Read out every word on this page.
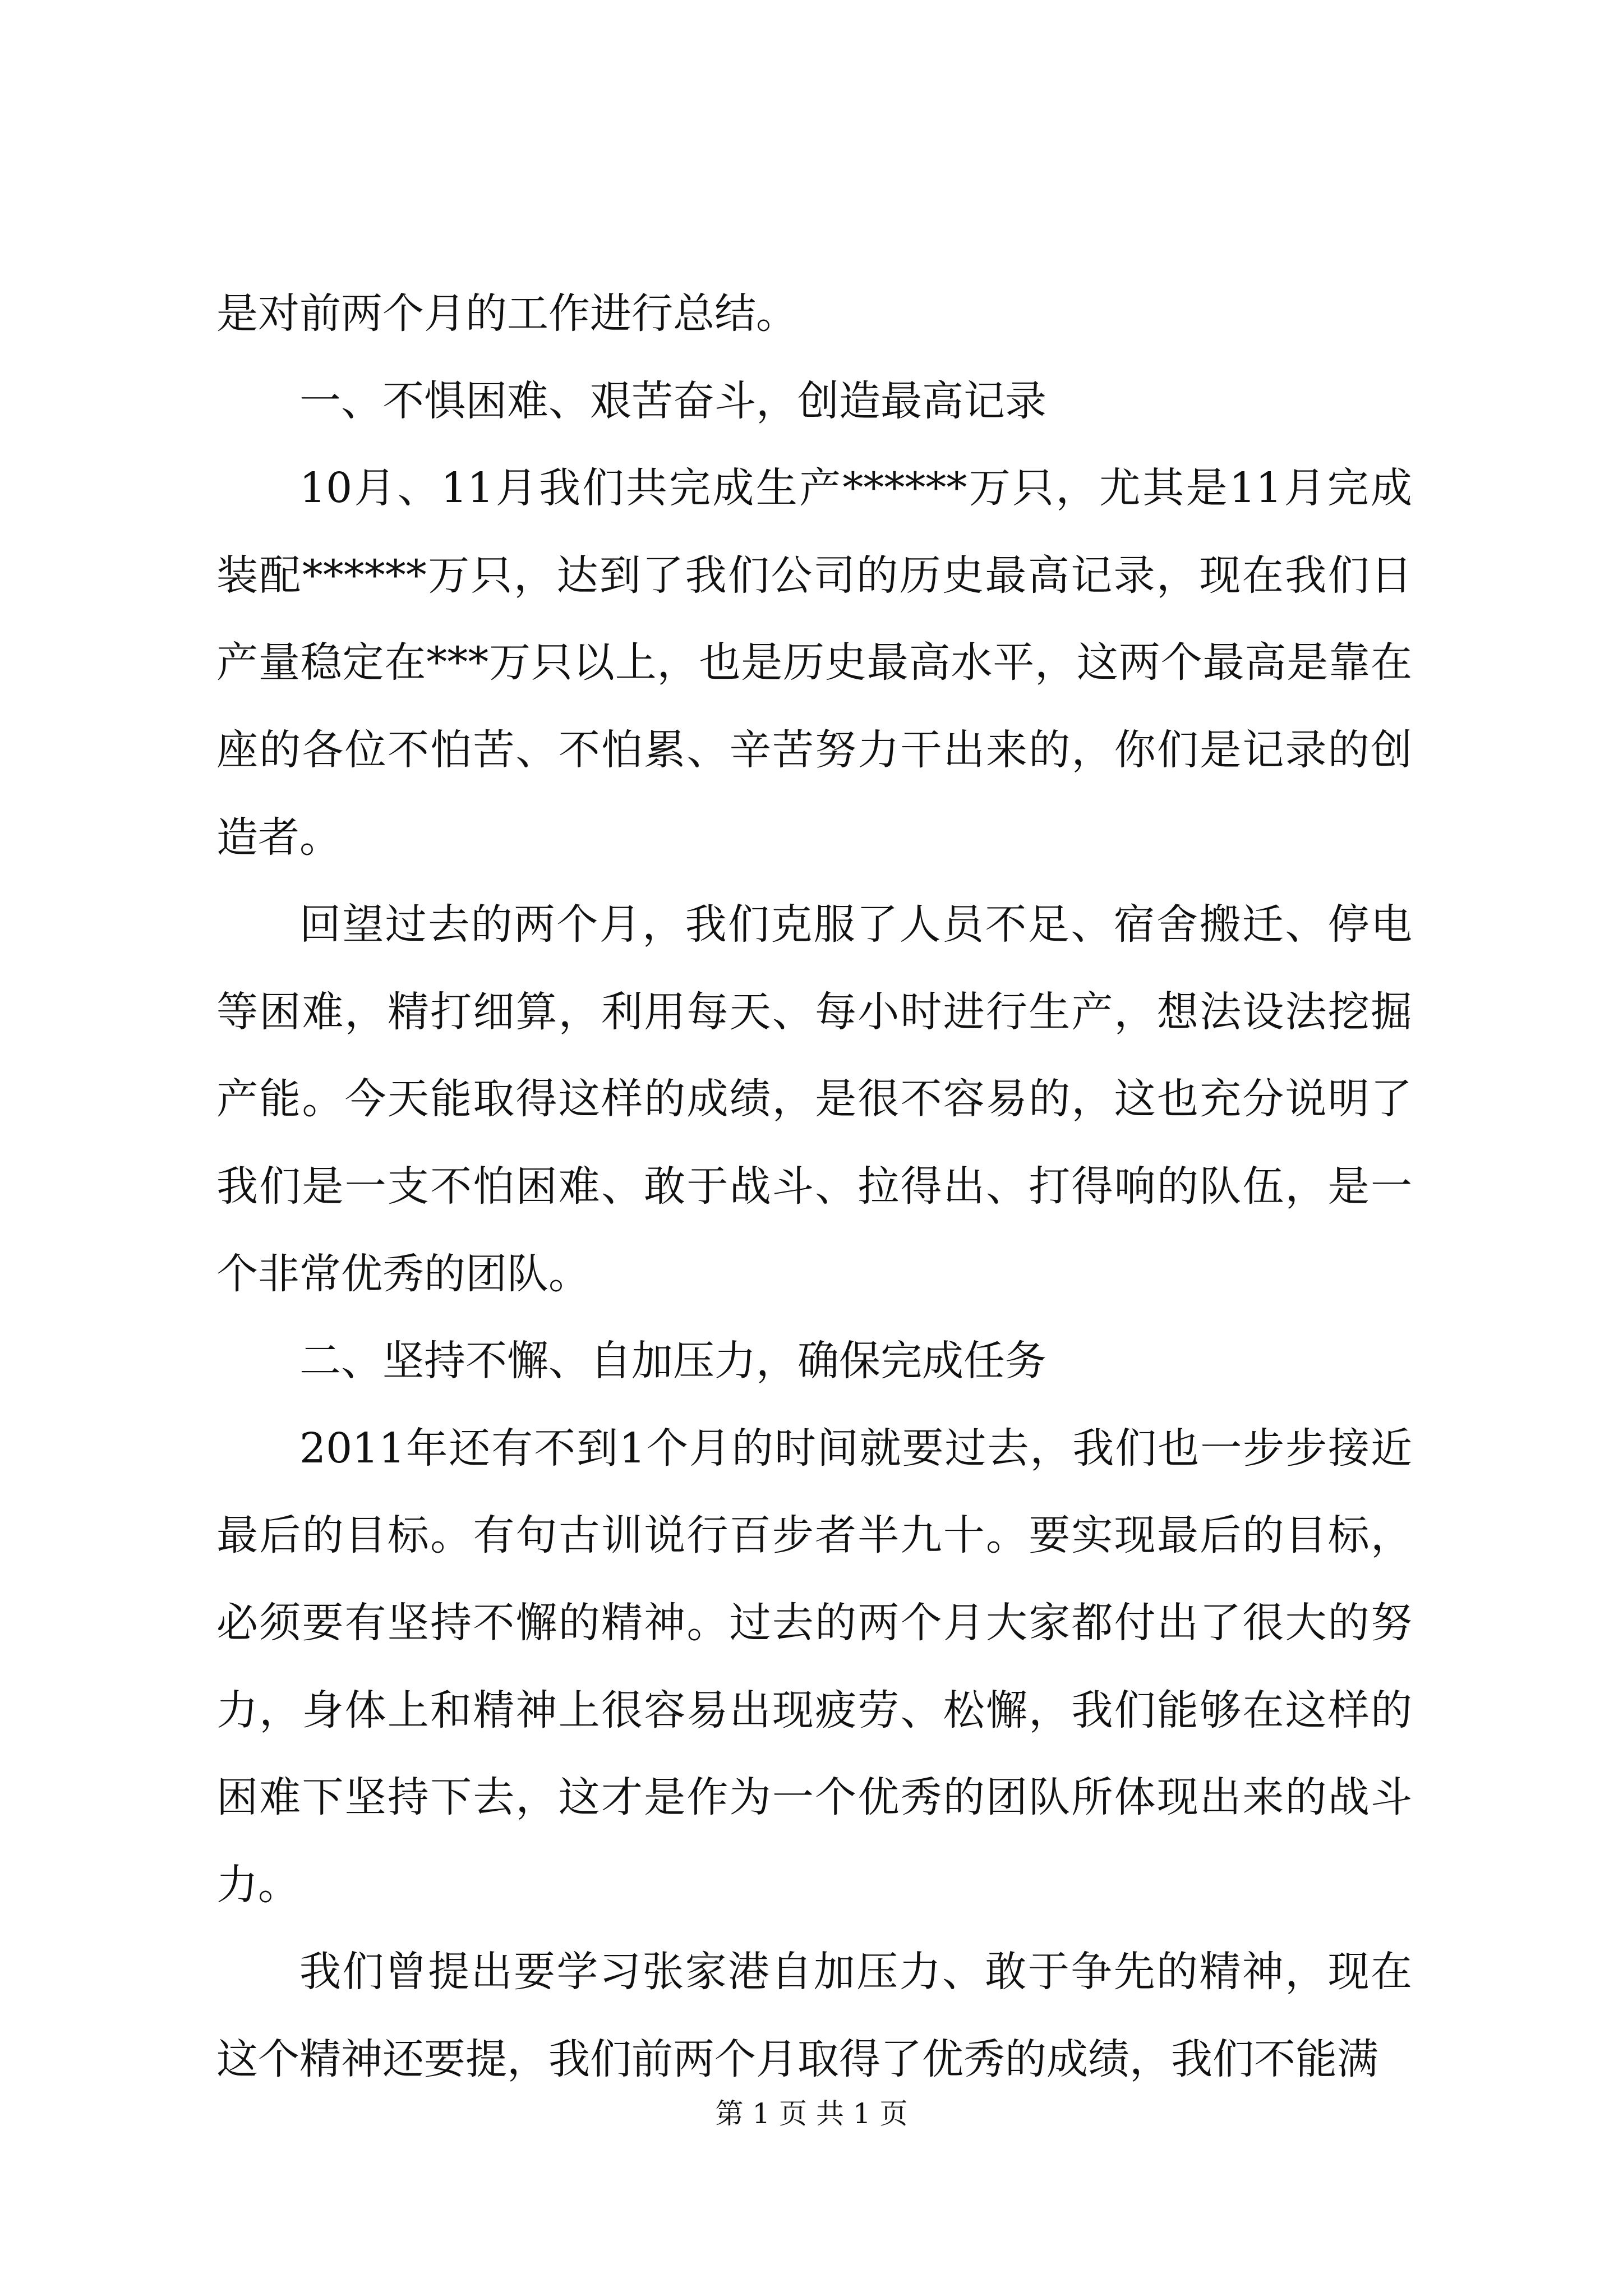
是对前两个月的工作进行总结。

一、不惧困难、艰苦奋斗，创造最高记录

10月、11月我们共完成生产******万只，尤其是11月完成装配******万只，达到了我们公司的历史最高记录，现在我们日产量稳定在***万只以上，也是历史最高水平，这两个最高是靠在座的各位不怕苦、不怕累、辛苦努力干出来的，你们是记录的创造者。

回望过去的两个月，我们克服了人员不足、宿舍搬迁、停电等困难，精打细算，利用每天、每小时进行生产，想法设法挖掘产能。今天能取得这样的成绩，是很不容易的，这也充分说明了我们是一支不怕困难、敢于战斗、拉得出、打得响的队伍，是一个非常优秀的团队。

二、坚持不懈、自加压力，确保完成任务

2011年还有不到1个月的时间就要过去，我们也一步步接近最后的目标。有句古训说行百步者半九十。要实现最后的目标，必须要有坚持不懈的精神。过去的两个月大家都付出了很大的努力，身体上和精神上很容易出现疲劳、松懈，我们能够在这样的困难下坚持下去，这才是作为一个优秀的团队所体现出来的战斗力。

我们曾提出要学习张家港自加压力、敢于争先的精神，现在这个精神还要提，我们前两个月取得了优秀的成绩，我们不能满

第 1 页 共 1 页
